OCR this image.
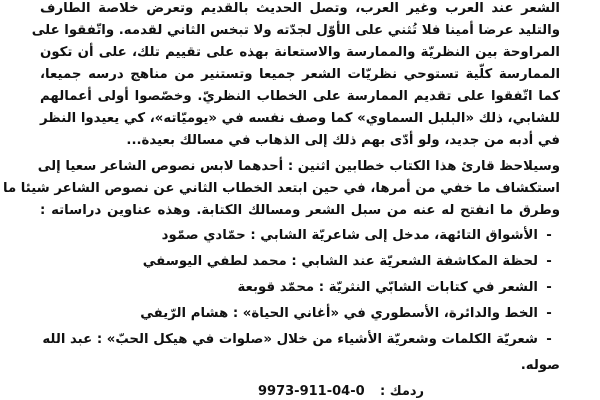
الشعر عند العرب وغير العرب، وتصل الحديث بالقديم وتعرض خلاصة الطارف
والتليد عرضا أمينا فلا تُثني على الأوّل لجدّته ولا تبخس الثاني لقدمه. واتّفقوا على
المراوحة بين النظريّة والممارسة والاستعانة بهذه على تقييم تلك، على أن تكون
الممارسة كلّية تستوحي نظريّات الشعر جميعا وتستنير من مناهج درسه جميعا،
كما اتّفقوا على تقديم الممارسة على الخطاب النظريّ. وخصّصوا أولى أعمالهم
للشابي، ذلك «البلبل السماوي» كما وصف نفسه في «يوميّاته»، كي يعيدوا النظر
في أدبه من جديد، ولو أدّى بهم ذلك إلى الذهاب في مسالك بعيدة...
وسيلاحظ قارئ هذا الكتاب خطابين اثنين : أحدهما لابس نصوص الشاعر سعيا إلى
استكشاف ما خفي من أمرها، في حين ابتعد الخطاب الثاني عن نصوص الشاعر شيئا ما
وطرق ما انفتح له عنه من سبل الشعر ومسالك الكتابة. وهذه عناوين دراساته :
-الأشواق التائهة، مدخل إلى شاعريّة الشابي : حمّادي صمّود
-لحظة المكاشفة الشعريّة عند الشابي : محمد لطفي اليوسفي
-الشعر في كتابات الشابّي النثريّة : محمّد قوبعة
-الخط والدائرة، الأسطوري في «أغاني الحياة» : هشام الرّيفي
-شعريّة الكلمات وشعريّة الأشياء من خلال «صلوات في هيكل الحبّ» : عبد الله
صوله.
9973-911-04-0 ردمك :
